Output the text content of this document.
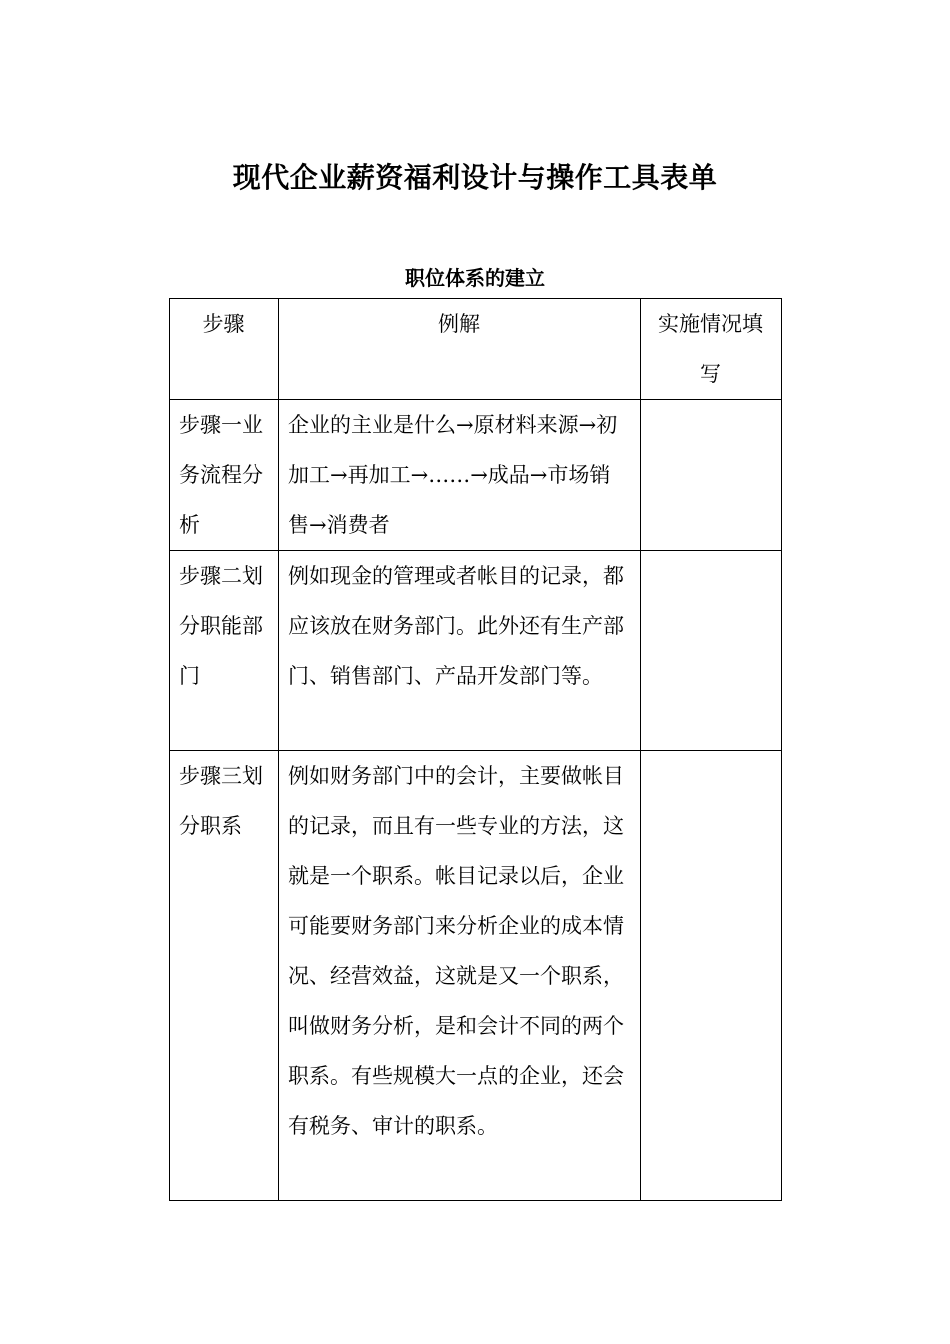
现代企业薪资福利设计与操作工具表单
职位体系的建立
步骤	例解	实施情况填写
步骤一业务流程分析	企业的主业是什么→原材料来源→初加工→再加工→……→成品→市场销售→消费者	
步骤二划分职能部门	例如现金的管理或者帐目的记录，都应该放在财务部门。此外还有生产部门、销售部门、产品开发部门等。	
步骤三划分职系	例如财务部门中的会计，主要做帐目的记录，而且有一些专业的方法，这就是一个职系。帐目记录以后，企业可能要财务部门来分析企业的成本情况、经营效益，这就是又一个职系，叫做财务分析，是和会计不同的两个职系。有些规模大一点的企业，还会有税务、审计的职系。	
